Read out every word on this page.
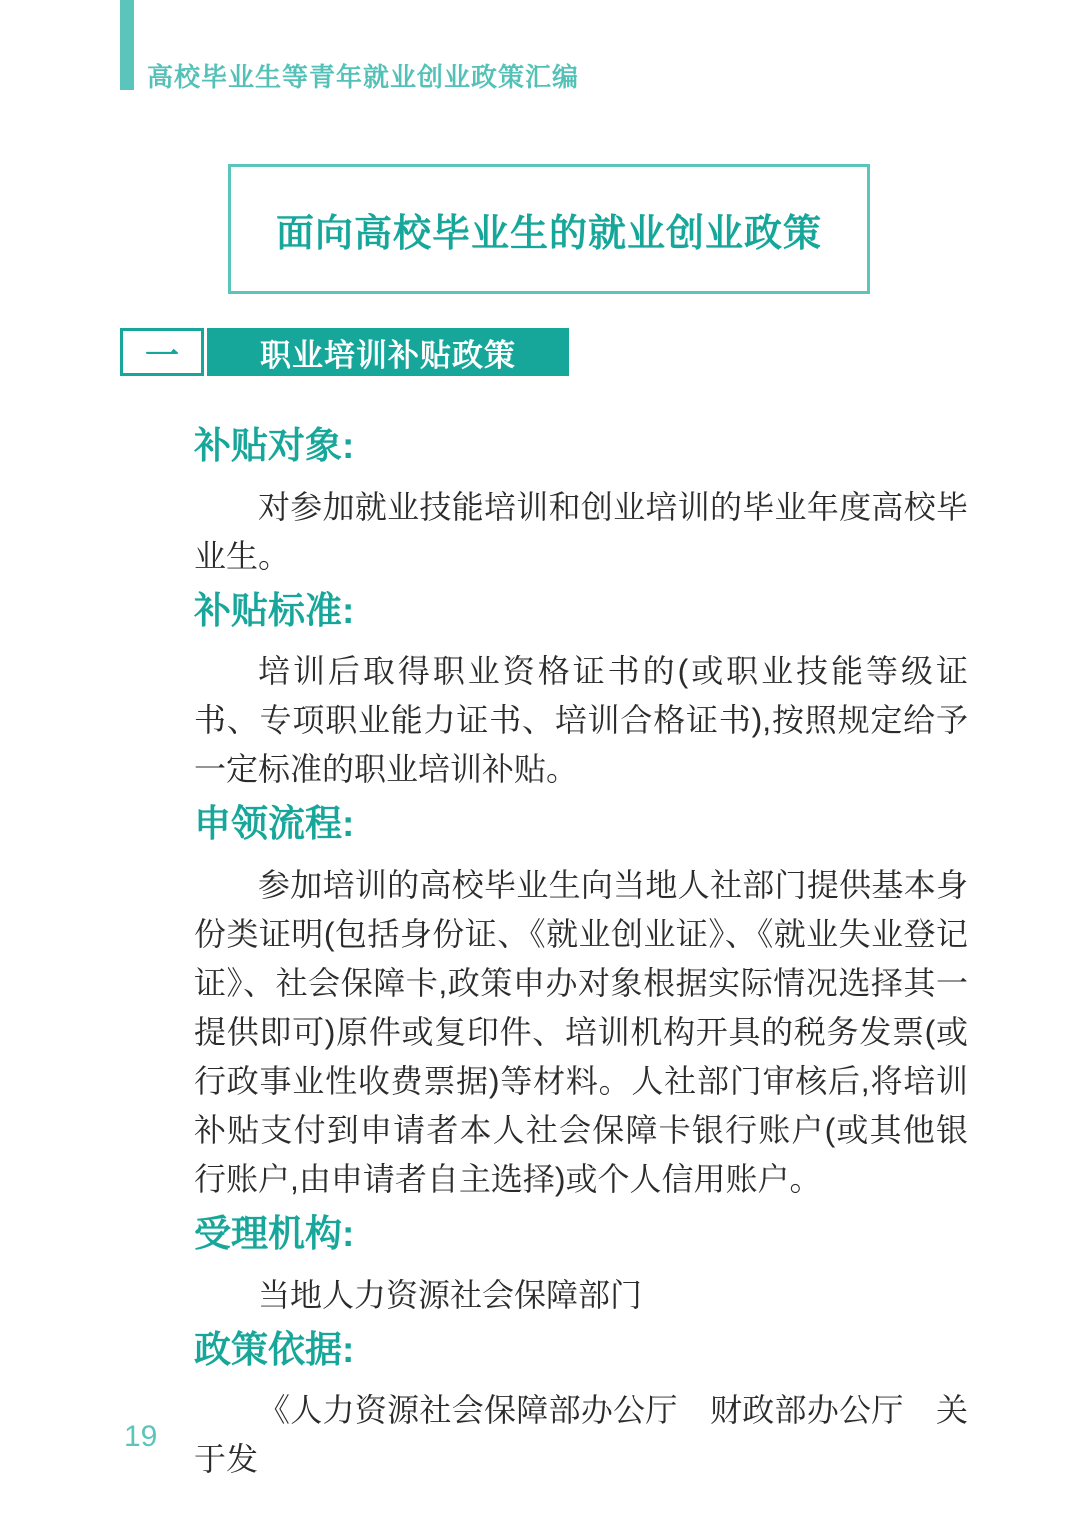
高校毕业生等青年就业创业政策汇编
面向高校毕业生的就业创业政策
一	职业培训补贴政策
补贴对象:

对参加就业技能培训和创业培训的毕业年度高校毕业生。

补贴标准:

培训后取得职业资格证书的(或职业技能等级证书、专项职业能力证书、培训合格证书),按照规定给予一定标准的职业培训补贴。

申领流程:

参加培训的高校毕业生向当地人社部门提供基本身份类证明(包括身份证、《就业创业证》、《就业失业登记证》、社会保障卡,政策申办对象根据实际情况选择其一提供即可)原件或复印件、培训机构开具的税务发票(或行政事业性收费票据)等材料。人社部门审核后,将培训补贴支付到申请者本人社会保障卡银行账户(或其他银行账户,由申请者自主选择)或个人信用账户。

受理机构:

当地人力资源社会保障部门

政策依据:

《人力资源社会保障部办公厅　财政部办公厅　关于发

19
